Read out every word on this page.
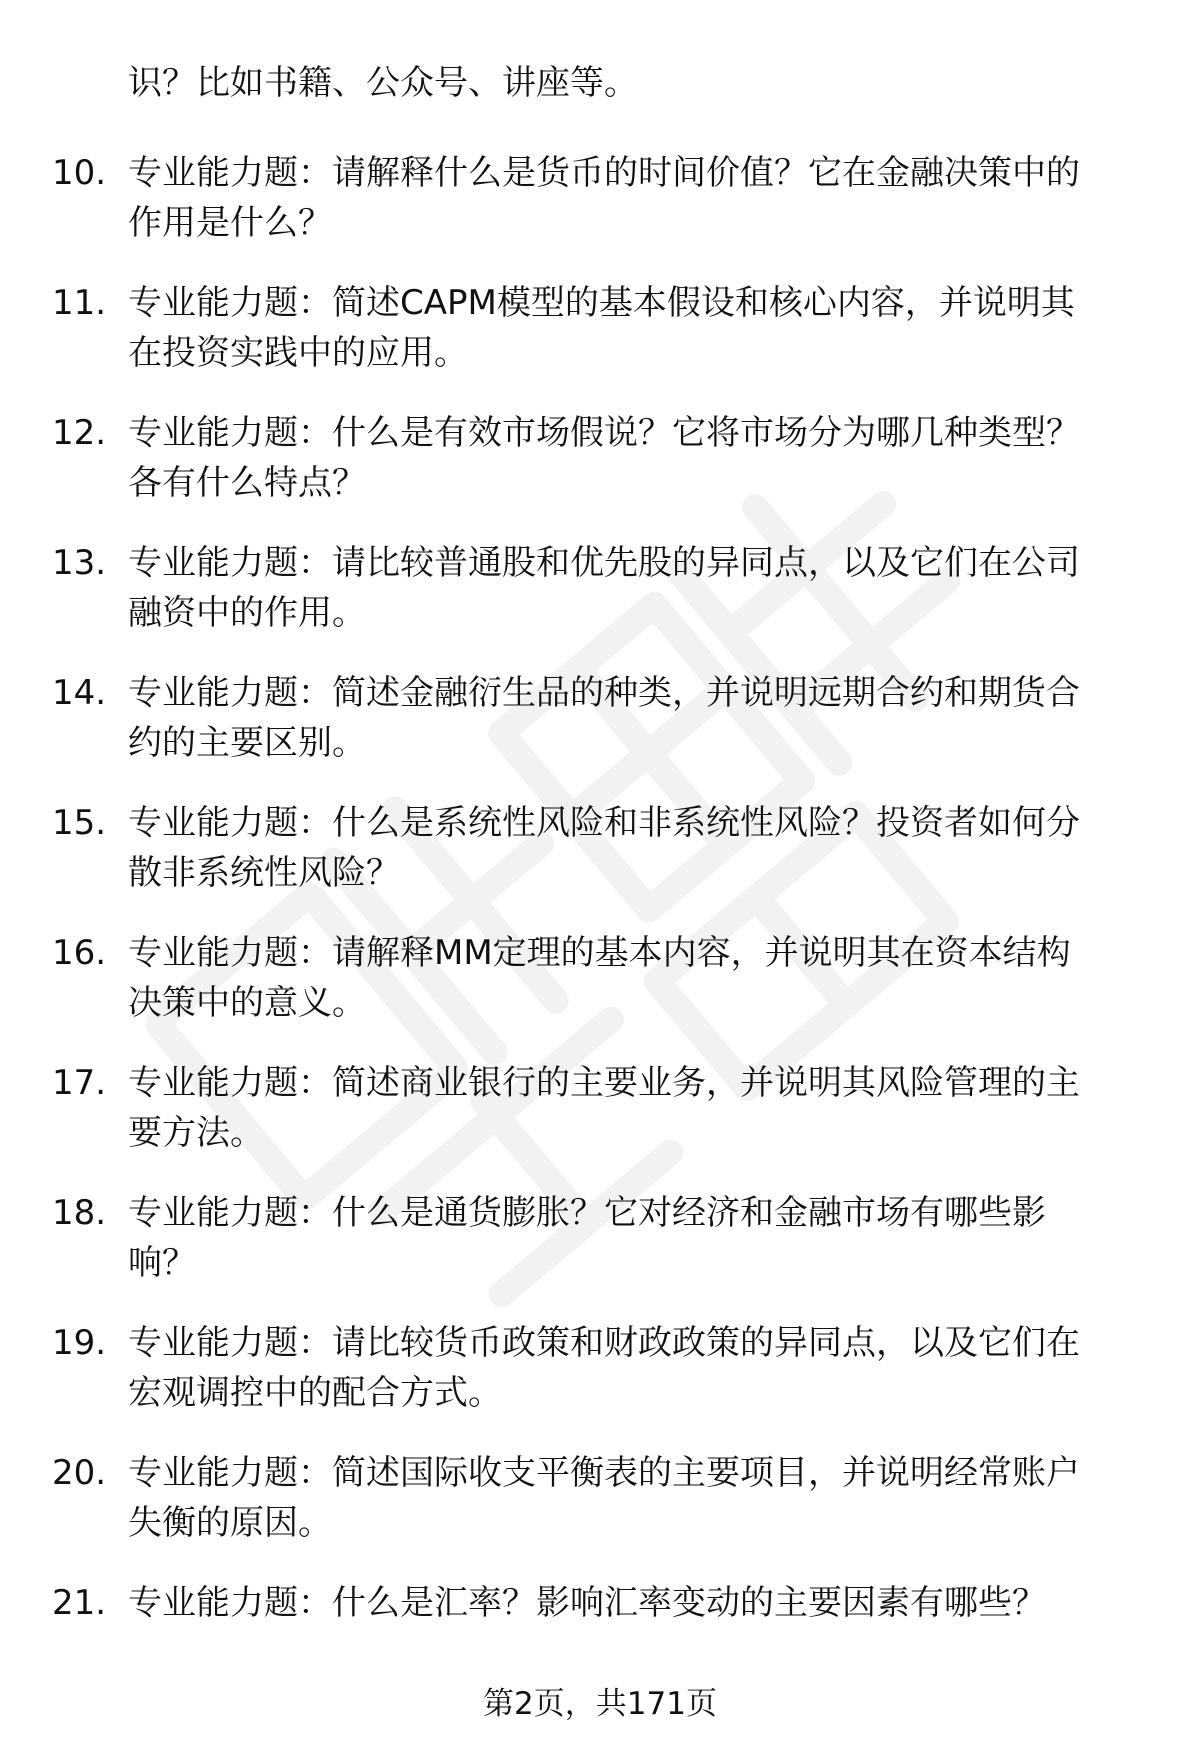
识？比如书籍、公众号、讲座等。
10. 专业能力题：请解释什么是货币的时间价值？它在金融决策中的
作用是什么？
11. 专业能力题：简述CAPM模型的基本假设和核心内容，并说明其
在投资实践中的应用。
12. 专业能力题：什么是有效市场假说？它将市场分为哪几种类型？
各有什么特点？
13. 专业能力题：请比较普通股和优先股的异同点，以及它们在公司
融资中的作用。
14. 专业能力题：简述金融衍生品的种类，并说明远期合约和期货合
约的主要区别。
15. 专业能力题：什么是系统性风险和非系统性风险？投资者如何分
散非系统性风险？
16. 专业能力题：请解释MM定理的基本内容，并说明其在资本结构
决策中的意义。
17. 专业能力题：简述商业银行的主要业务，并说明其风险管理的主
要方法。
18. 专业能力题：什么是通货膨胀？它对经济和金融市场有哪些影
响？
19. 专业能力题：请比较货币政策和财政政策的异同点，以及它们在
宏观调控中的配合方式。
20. 专业能力题：简述国际收支平衡表的主要项目，并说明经常账户
失衡的原因。
21. 专业能力题：什么是汇率？影响汇率变动的主要因素有哪些？
第2页，共171页
